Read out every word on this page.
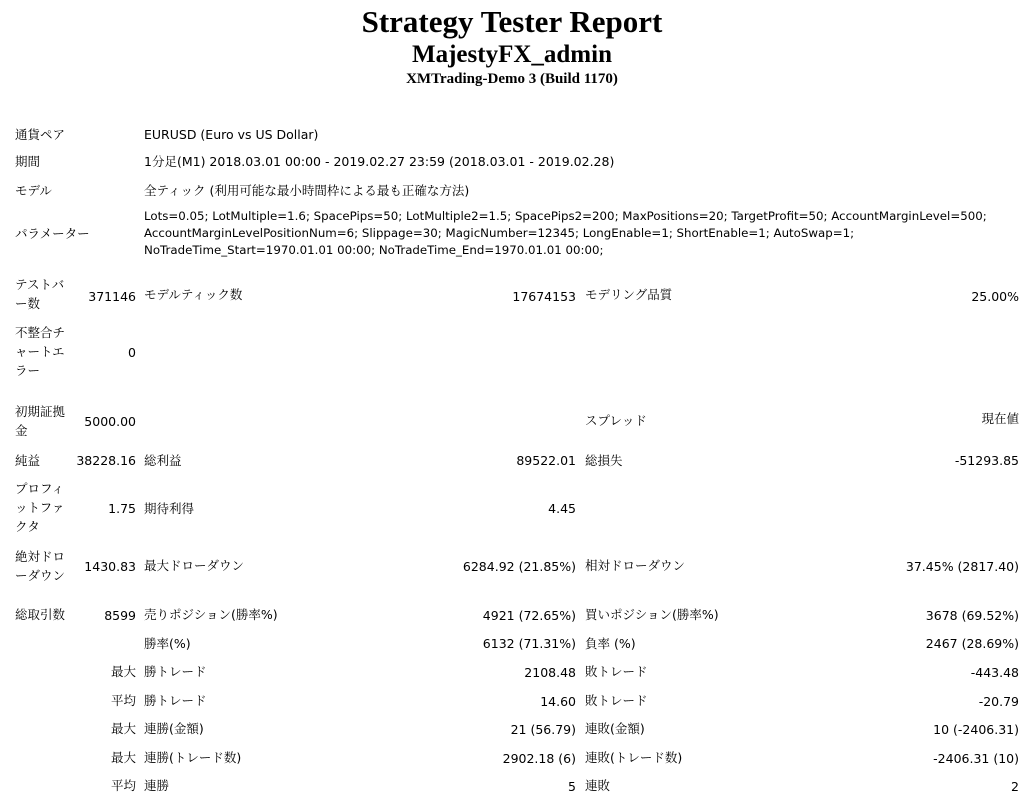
Strategy Tester Report
MajestyFX_admin
XMTrading-Demo 3 (Build 1170)
通貨ペア	EURUSD (Euro vs US Dollar)
期間	1分足(M1) 2018.03.01 00:00 - 2019.02.27 23:59 (2018.03.01 - 2019.02.28)
モデル	全ティック (利用可能な最小時間枠による最も正確な方法)
パラメーター
Lots=0.05; LotMultiple=1.6; SpacePips=50; LotMultiple2=1.5; SpacePips2=200; MaxPositions=20; TargetProfit=50; AccountMarginLevel=500;
AccountMarginLevelPositionNum=6; Slippage=30; MagicNumber=12345; LongEnable=1; ShortEnable=1; AutoSwap=1;
NoTradeTime_Start=1970.01.01 00:00; NoTradeTime_End=1970.01.01 00:00;
テストバ
ー数	371146 モデルティック数	17674153 モデリング品質	25.00%
不整合チ
ャートエ
ラー
0
初期証拠
金
5000.00	スプレッド	現在値
純益	38228.16 総利益	89522.01 総損失	-51293.85
プロフィ
ットファ
クタ
1.75 期待利得	4.45
絶対ドロ
ーダウン
1430.83 最大ドローダウン	6284.92 (21.85%) 相対ドローダウン	37.45% (2817.40)
総取引数	8599 売りポジション(勝率%)	4921 (72.65%) 買いポジション(勝率%)	3678 (69.52%)
勝率(%)	6132 (71.31%) 負率 (%)	2467 (28.69%)
最大 勝トレード	2108.48 敗トレード	-443.48
平均 勝トレード	14.60 敗トレード	-20.79
最大 連勝(金額)	21 (56.79) 連敗(金額)	10 (-2406.31)
最大 連勝(トレード数)	2902.18 (6) 連敗(トレード数)	-2406.31 (10)
平均 連勝	5 連敗	2
